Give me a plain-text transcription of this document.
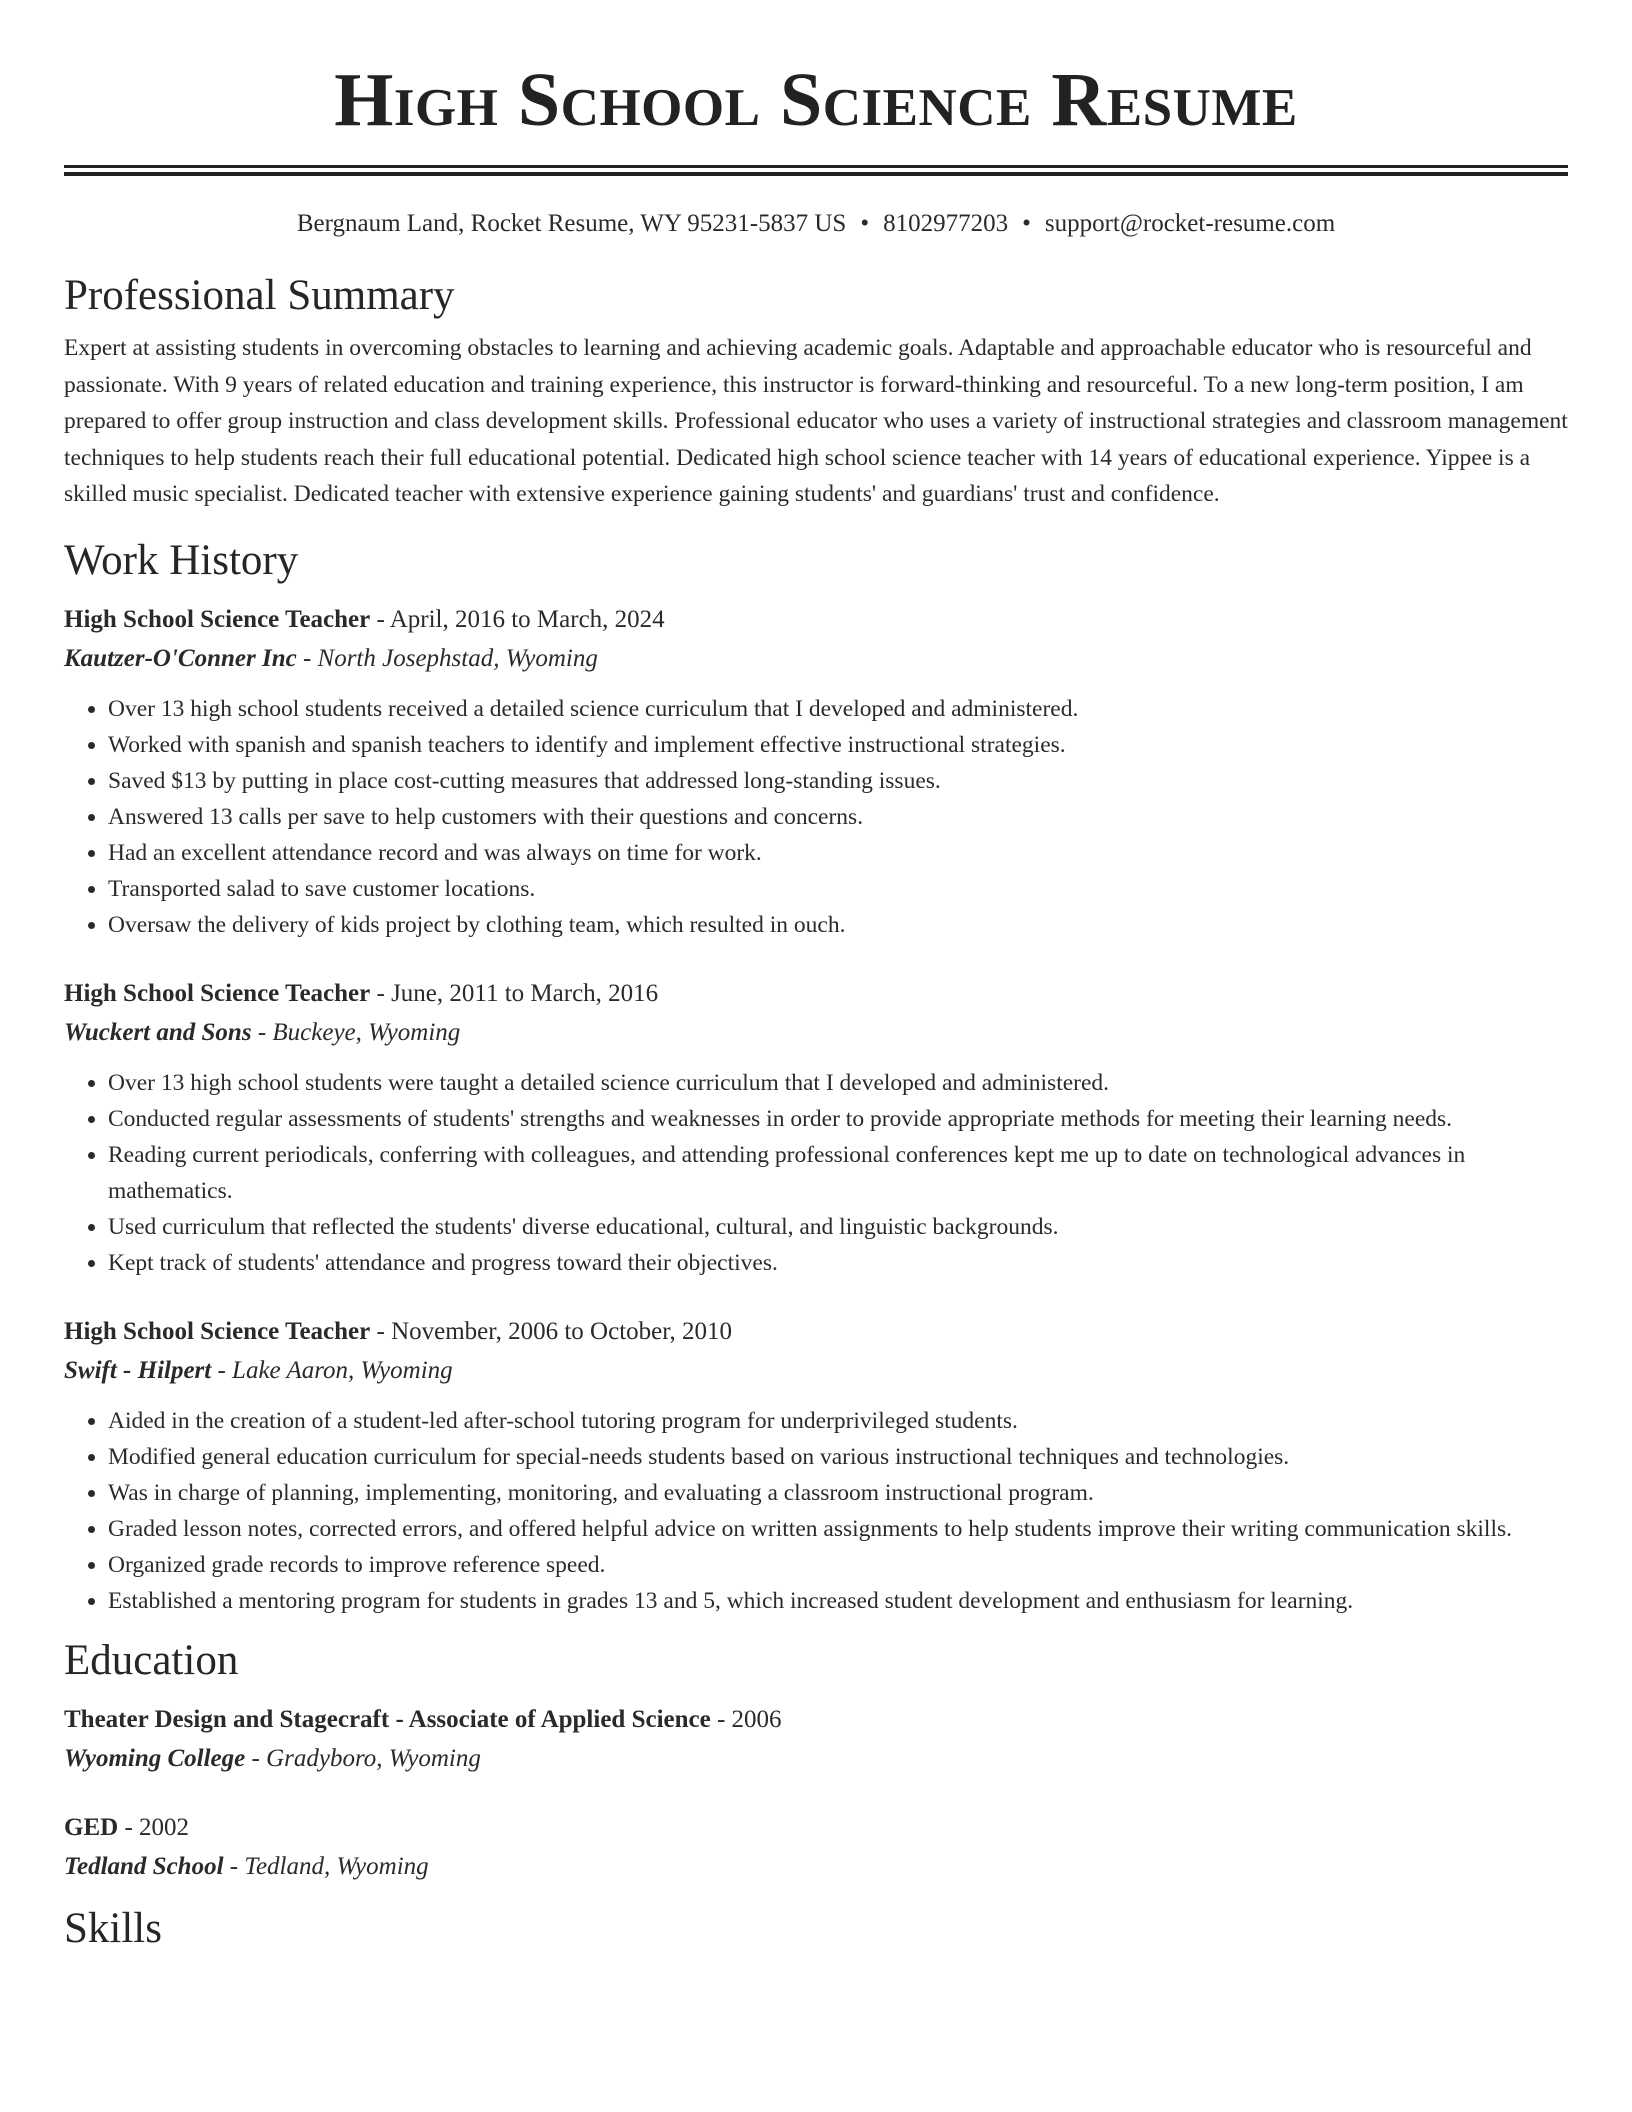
High School Science Resume
Bergnaum Land, Rocket Resume, WY 95231-5837 US • 8102977203 • support@rocket-resume.com
Professional Summary

Expert at assisting students in overcoming obstacles to learning and achieving academic goals. Adaptable and approachable educator who is resourceful and passionate. With 9 years of related education and training experience, this instructor is forward-thinking and resourceful. To a new long-term position, I am prepared to offer group instruction and class development skills. Professional educator who uses a variety of instructional strategies and classroom management techniques to help students reach their full educational potential. Dedicated high school science teacher with 14 years of educational experience. Yippee is a skilled music specialist. Dedicated teacher with extensive experience gaining students' and guardians' trust and confidence.

Work History

High School Science Teacher - April, 2016 to March, 2024

Kautzer-O'Conner Inc - North Josephstad, Wyoming

• Over 13 high school students received a detailed science curriculum that I developed and administered.
• Worked with spanish and spanish teachers to identify and implement effective instructional strategies.
• Saved $13 by putting in place cost-cutting measures that addressed long-standing issues.
• Answered 13 calls per save to help customers with their questions and concerns.
• Had an excellent attendance record and was always on time for work.
• Transported salad to save customer locations.
• Oversaw the delivery of kids project by clothing team, which resulted in ouch.

High School Science Teacher - June, 2011 to March, 2016

Wuckert and Sons - Buckeye, Wyoming

• Over 13 high school students were taught a detailed science curriculum that I developed and administered.
• Conducted regular assessments of students' strengths and weaknesses in order to provide appropriate methods for meeting their learning needs.
• Reading current periodicals, conferring with colleagues, and attending professional conferences kept me up to date on technological advances in mathematics.
• Used curriculum that reflected the students' diverse educational, cultural, and linguistic backgrounds.
• Kept track of students' attendance and progress toward their objectives.

High School Science Teacher - November, 2006 to October, 2010

Swift - Hilpert - Lake Aaron, Wyoming

• Aided in the creation of a student-led after-school tutoring program for underprivileged students.
• Modified general education curriculum for special-needs students based on various instructional techniques and technologies.
• Was in charge of planning, implementing, monitoring, and evaluating a classroom instructional program.
• Graded lesson notes, corrected errors, and offered helpful advice on written assignments to help students improve their writing communication skills.
• Organized grade records to improve reference speed.
• Established a mentoring program for students in grades 13 and 5, which increased student development and enthusiasm for learning.
Education

Theater Design and Stagecraft - Associate of Applied Science - 2006

Wyoming College - Gradyboro, Wyoming

GED - 2002

Tedland School - Tedland, Wyoming

Skills
